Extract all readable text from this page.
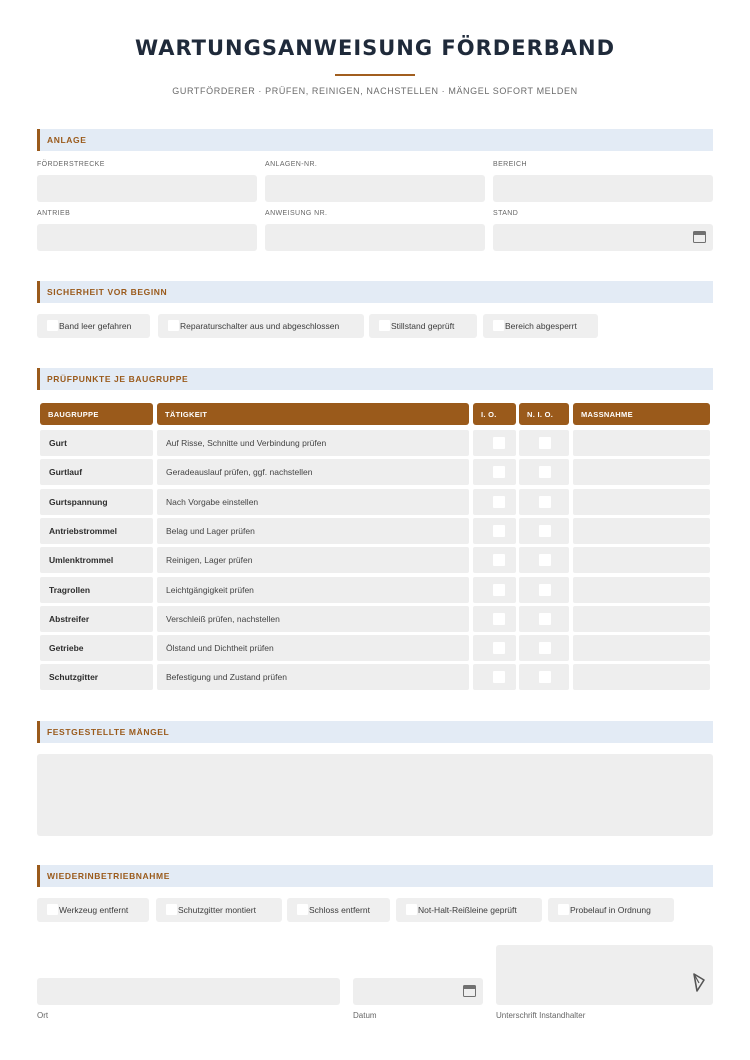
WARTUNGSANWEISUNG FÖRDERBAND
GURTFÖRDERER · PRÜFEN, REINIGEN, NACHSTELLEN · MÄNGEL SOFORT MELDEN
ANLAGE
FÖRDERSTRECKE	ANLAGEN-NR.	BEREICH
ANTRIEB	ANWEISUNG NR.	STAND
SICHERHEIT VOR BEGINN
Band leer gefahren	Reparaturschalter aus und abgeschlossen	Stillstand geprüft	Bereich abgesperrt
PRÜFPUNKTE JE BAUGRUPPE
BAUGRUPPE	TÄTIGKEIT	I. O.	N. I. O.	MASSNAHME
Gurt	Auf Risse, Schnitte und Verbindung prüfen
Gurtlauf	Geradeauslauf prüfen, ggf. nachstellen
Gurtspannung	Nach Vorgabe einstellen
Antriebstrommel	Belag und Lager prüfen
Umlenktrommel	Reinigen, Lager prüfen
Tragrollen	Leichtgängigkeit prüfen
Abstreifer	Verschleiß prüfen, nachstellen
Getriebe	Ölstand und Dichtheit prüfen
Schutzgitter	Befestigung und Zustand prüfen
FESTGESTELLTE MÄNGEL
WIEDERINBETRIEBNAHME
Werkzeug entfernt	Schutzgitter montiert	Schloss entfernt	Not-Halt-Reißleine geprüft	Probelauf in Ordnung
Ort	Datum	Unterschrift Instandhalter
